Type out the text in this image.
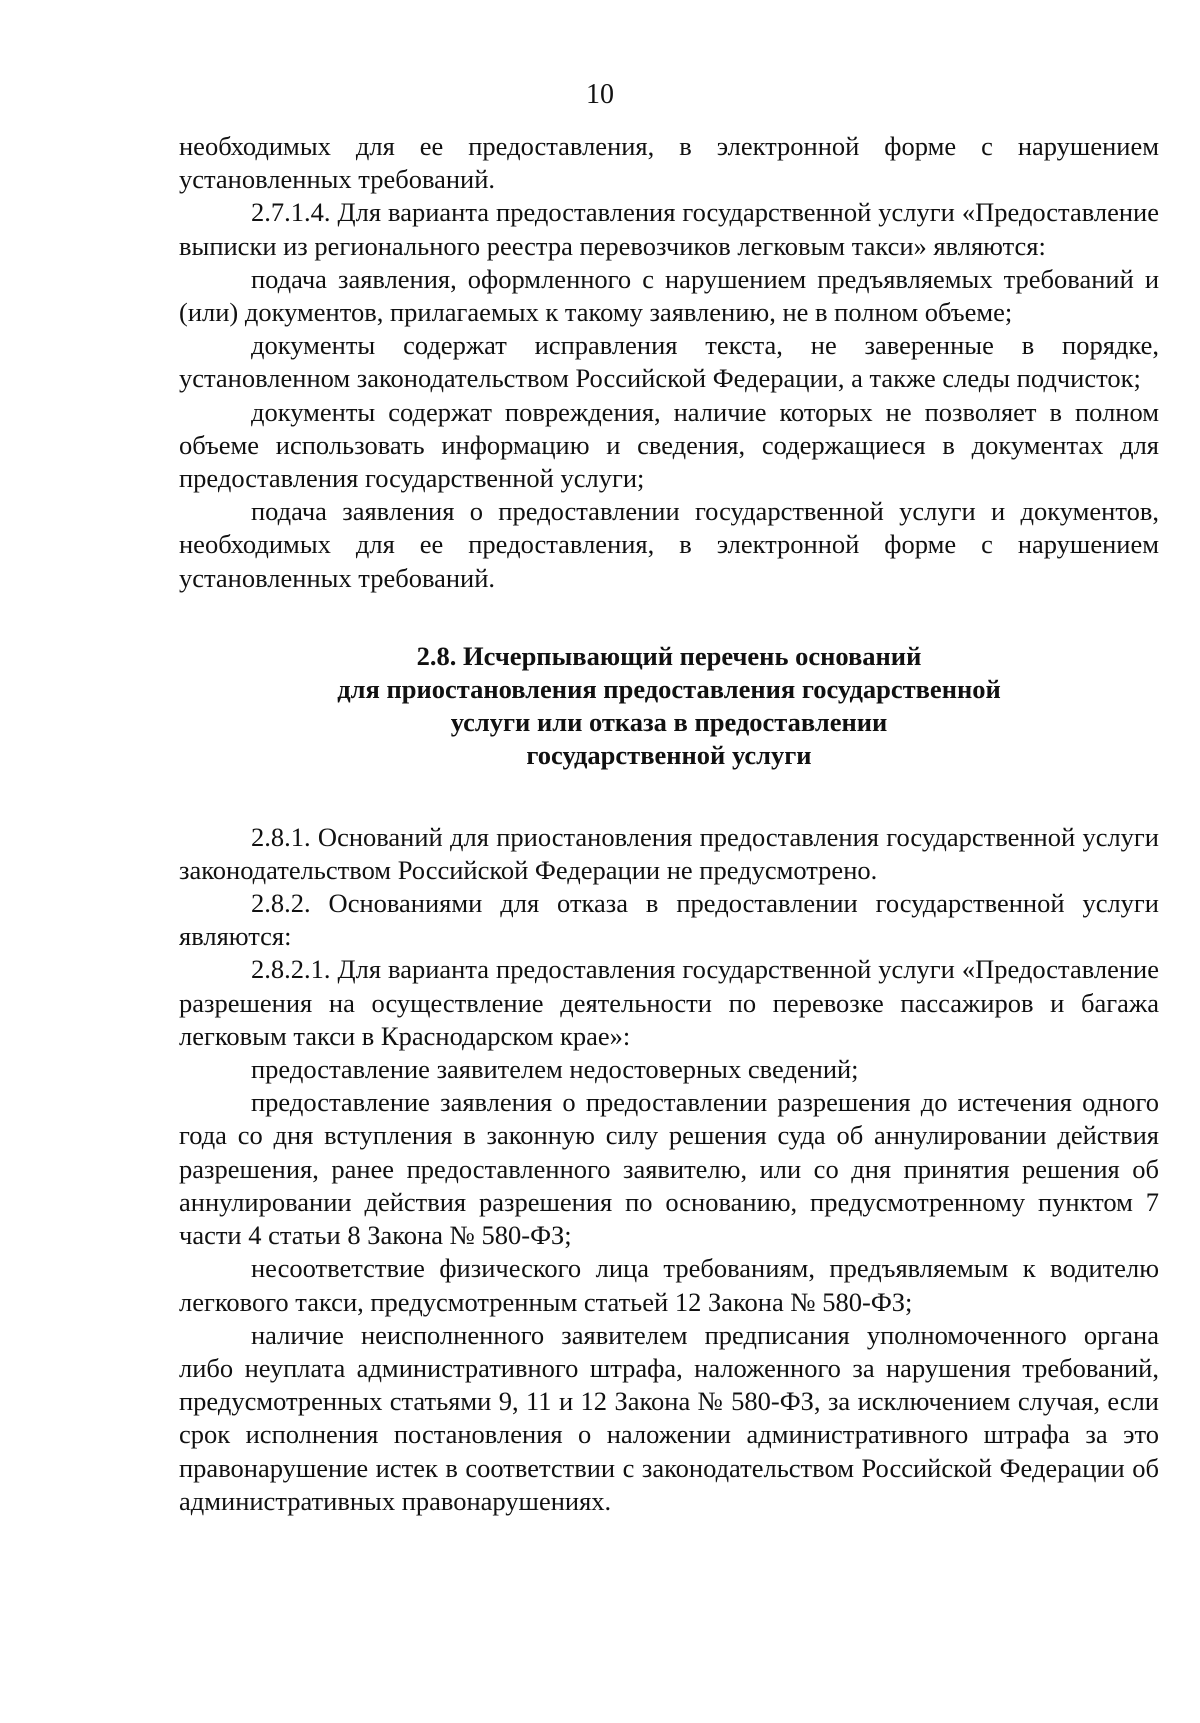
10

необходимых для ее предоставления, в электронной форме с нарушением установленных требований.

2.7.1.4. Для варианта предоставления государственной услуги «Предоставление выписки из регионального реестра перевозчиков легковым такси» являются:

подача заявления, оформленного с нарушением предъявляемых требований и (или) документов, прилагаемых к такому заявлению, не в полном объеме;

документы содержат исправления текста, не заверенные в порядке, установленном законодательством Российской Федерации, а также следы подчисток;

документы содержат повреждения, наличие которых не позволяет в полном объеме использовать информацию и сведения, содержащиеся в документах для предоставления государственной услуги;

подача заявления о предоставлении государственной услуги и документов, необходимых для ее предоставления, в электронной форме с нарушением установленных требований.

2.8. Исчерпывающий перечень оснований
для приостановления предоставления государственной
услуги или отказа в предоставлении
государственной услуги

2.8.1. Оснований для приостановления предоставления государственной услуги законодательством Российской Федерации не предусмотрено.

2.8.2. Основаниями для отказа в предоставлении государственной услуги являются:

2.8.2.1. Для варианта предоставления государственной услуги «Предоставление разрешения на осуществление деятельности по перевозке пассажиров и багажа легковым такси в Краснодарском крае»:

предоставление заявителем недостоверных сведений;

предоставление заявления о предоставлении разрешения до истечения одного года со дня вступления в законную силу решения суда об аннулировании действия разрешения, ранее предоставленного заявителю, или со дня принятия решения об аннулировании действия разрешения по основанию, предусмотренному пунктом 7 части 4 статьи 8 Закона № 580-ФЗ;

несоответствие физического лица требованиям, предъявляемым к водителю легкового такси, предусмотренным статьей 12 Закона № 580-ФЗ;

наличие неисполненного заявителем предписания уполномоченного органа либо неуплата административного штрафа, наложенного за нарушения требований, предусмотренных статьями 9, 11 и 12 Закона № 580-ФЗ, за исключением случая, если срок исполнения постановления о наложении административного штрафа за это правонарушение истек в соответствии с законодательством Российской Федерации об административных правонарушениях.
